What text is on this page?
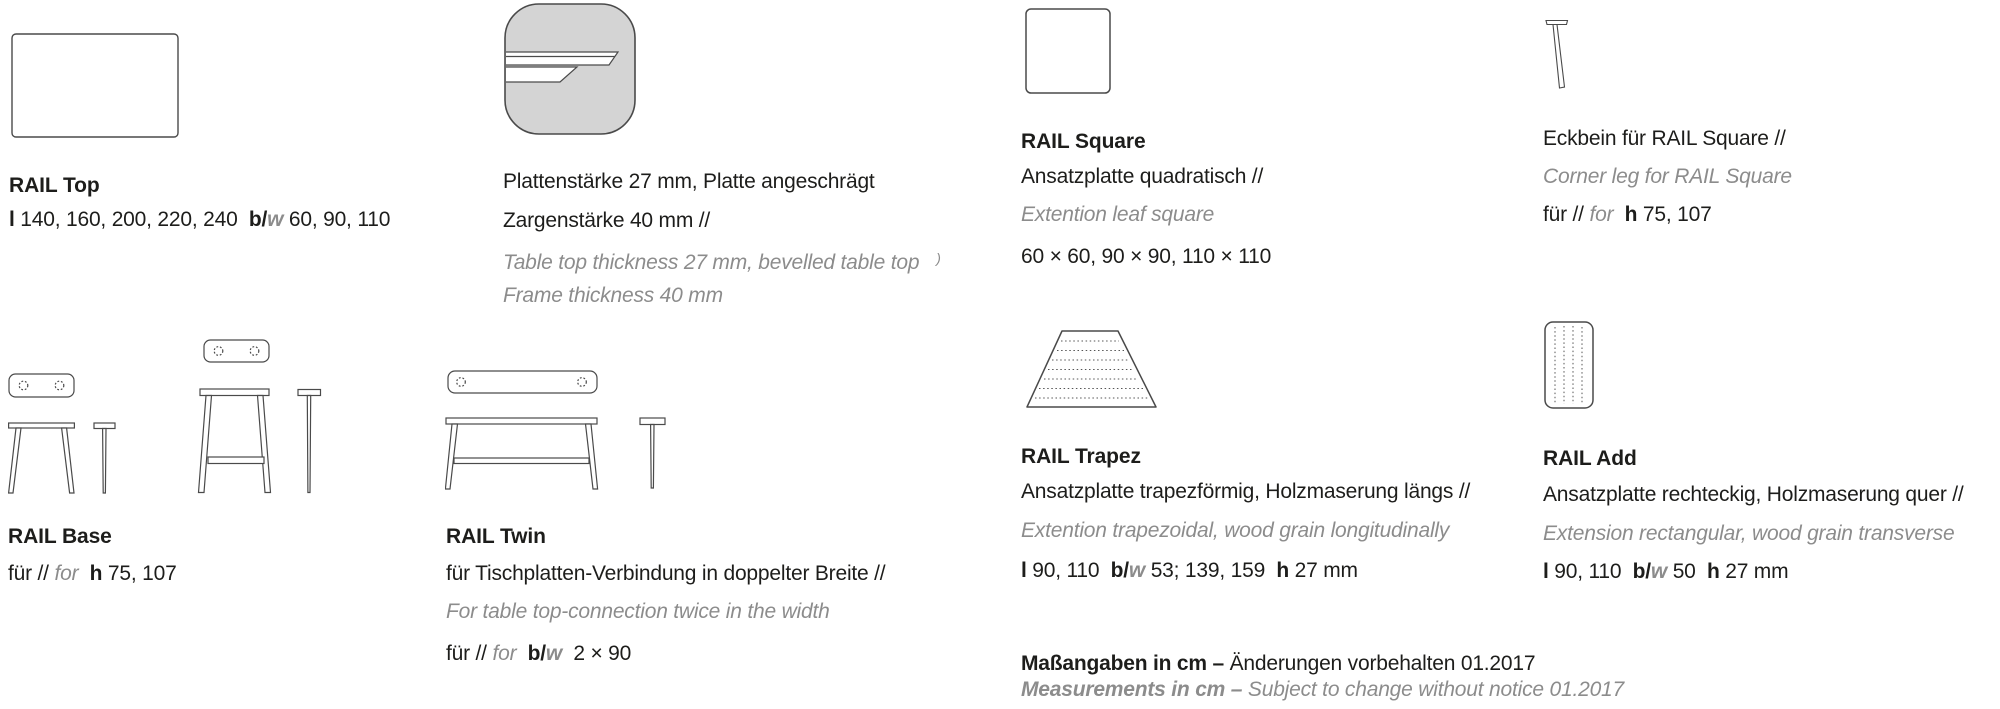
RAIL Top
l 140, 160, 200, 220, 240 b/w 60, 90, 110
RAIL Base
für // for h 75, 107
Plattenstärke 27 mm, Platte angeschrägt
Zargenstärke 40 mm //
Table top thickness 27 mm, bevelled table top )
Frame thickness 40 mm
RAIL Twin
für Tischplatten-Verbindung in doppelter Breite //
For table top-connection twice in the width
für // for b/w  2 × 90
RAIL Square
Ansatzplatte quadratisch //
Extention leaf square
60 × 60, 90 × 90, 110 × 110
RAIL Trapez
Ansatzplatte trapezförmig, Holzmaserung längs //
Extention trapezoidal, wood grain longitudinally
l 90, 110  b/w 53; 139, 159  h 27 mm
Maßangaben in cm – Änderungen vorbehalten 01.2017
Measurements in cm – Subject to change without notice 01.2017
Eckbein für RAIL Square //
Corner leg for RAIL Square
für // for h 75, 107
RAIL Add
Ansatzplatte rechteckig, Holzmaserung quer //
Extension rectangular, wood grain transverse
l 90, 110  b/w 50  h 27 mm
